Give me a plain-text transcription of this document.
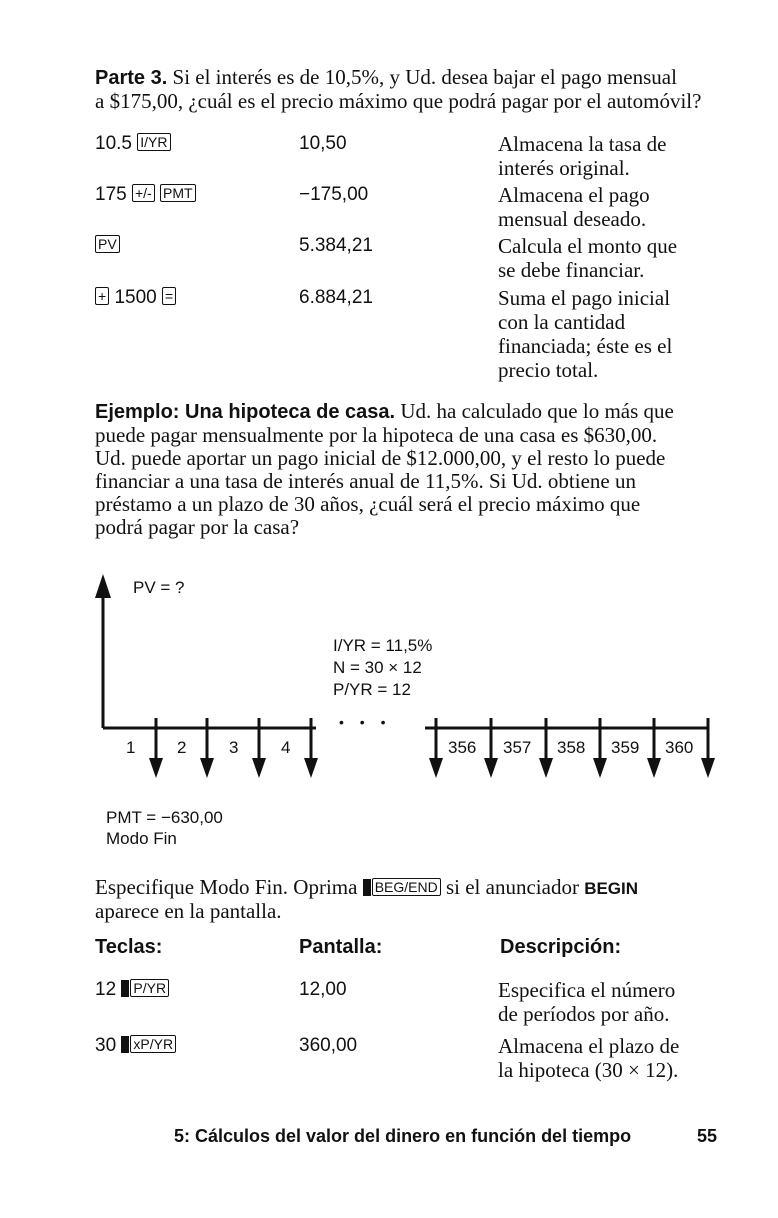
Parte 3. Si el interés es de 10,5%, y Ud. desea bajar el pago mensual
a $175,00, ¿cuál es el precio máximo que podrá pagar por el automóvil?
10.5 I/YR	10,50	Almacena la tasa de
interés original.
175 +/- PMT	−175,00	Almacena el pago
mensual deseado.
PV	5.384,21	Calcula el monto que
se debe financiar.
+ 1500 =	6.884,21	Suma el pago inicial
con la cantidad
financiada; éste es el
precio total.
Ejemplo: Una hipoteca de casa. Ud. ha calculado que lo más que
puede pagar mensualmente por la hipoteca de una casa es $630,00.
Ud. puede aportar un pago inicial de $12.000,00, y el resto lo puede
financiar a una tasa de interés anual de 11,5%. Si Ud. obtiene un
préstamo a un plazo de 30 años, ¿cuál será el precio máximo que
podrá pagar por la casa?
PV = ?
I/YR = 11,5%
N = 30 × 12
P/YR = 12
• • •
1 2	3	4	356 357 358 359 360
PMT = −630,00
Modo Fin
Especifique Modo Fin. Oprima BEG/END si el anunciador BEGIN
aparece en la pantalla.
Teclas:	Pantalla:	Descripción:
12 P/YR	12,00	Especifica el número
de períodos por año.
30 xP/YR	360,00	Almacena el plazo de
la hipoteca (30 × 12).
5: Cálculos del valor del dinero en función del tiempo	55
